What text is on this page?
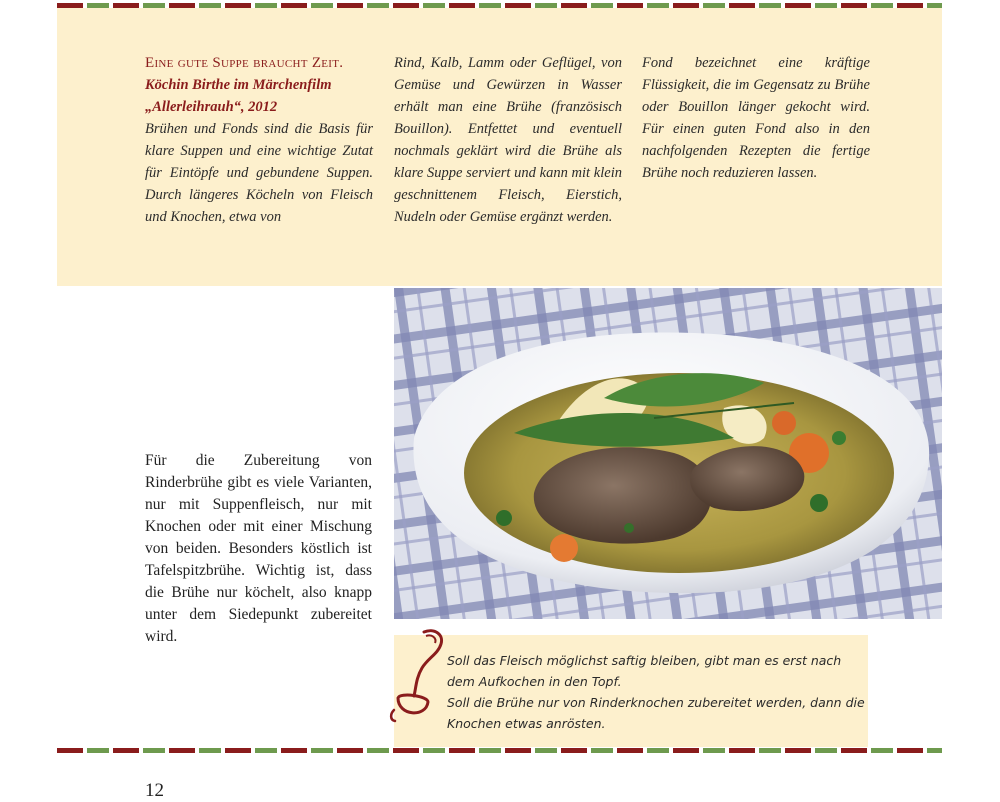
Eine gute Suppe braucht Zeit.
Köchin Birthe im Märchenfilm
„Allerleihrauh“, 2012

Brühen und Fonds sind die Basis für klare Suppen und eine wichtige Zutat für Eintöpfe und gebundene Suppen. Durch längeres Köcheln von Fleisch und Knochen, etwa von

Rind, Kalb, Lamm oder Geflügel, von Gemüse und Gewürzen in Wasser erhält man eine Brühe (französisch Bouillon). Entfettet und eventuell nochmals geklärt wird die Brühe als klare Suppe serviert und kann mit klein geschnittenem Fleisch, Eierstich, Nudeln oder Gemüse ergänzt werden.

Fond bezeichnet eine kräftige Flüssigkeit, die im Gegensatz zu Brühe oder Bouillon länger gekocht wird. Für einen guten Fond also in den nachfolgenden Rezepten die fertige Brühe noch reduzieren lassen.

Für die Zubereitung von Rinderbrühe gibt es viele Varianten, nur mit Suppenfleisch, nur mit Knochen oder mit einer Mischung von beiden. Besonders köstlich ist Tafelspitzbrühe. Wichtig ist, dass die Brühe nur köchelt, also knapp unter dem Siedepunkt zubereitet wird.

Soll das Fleisch möglichst saftig bleiben, gibt man es erst nach dem Aufkochen in den Topf.

Soll die Brühe nur von Rinderknochen zubereitet werden, dann die Knochen etwas anrösten.

12
